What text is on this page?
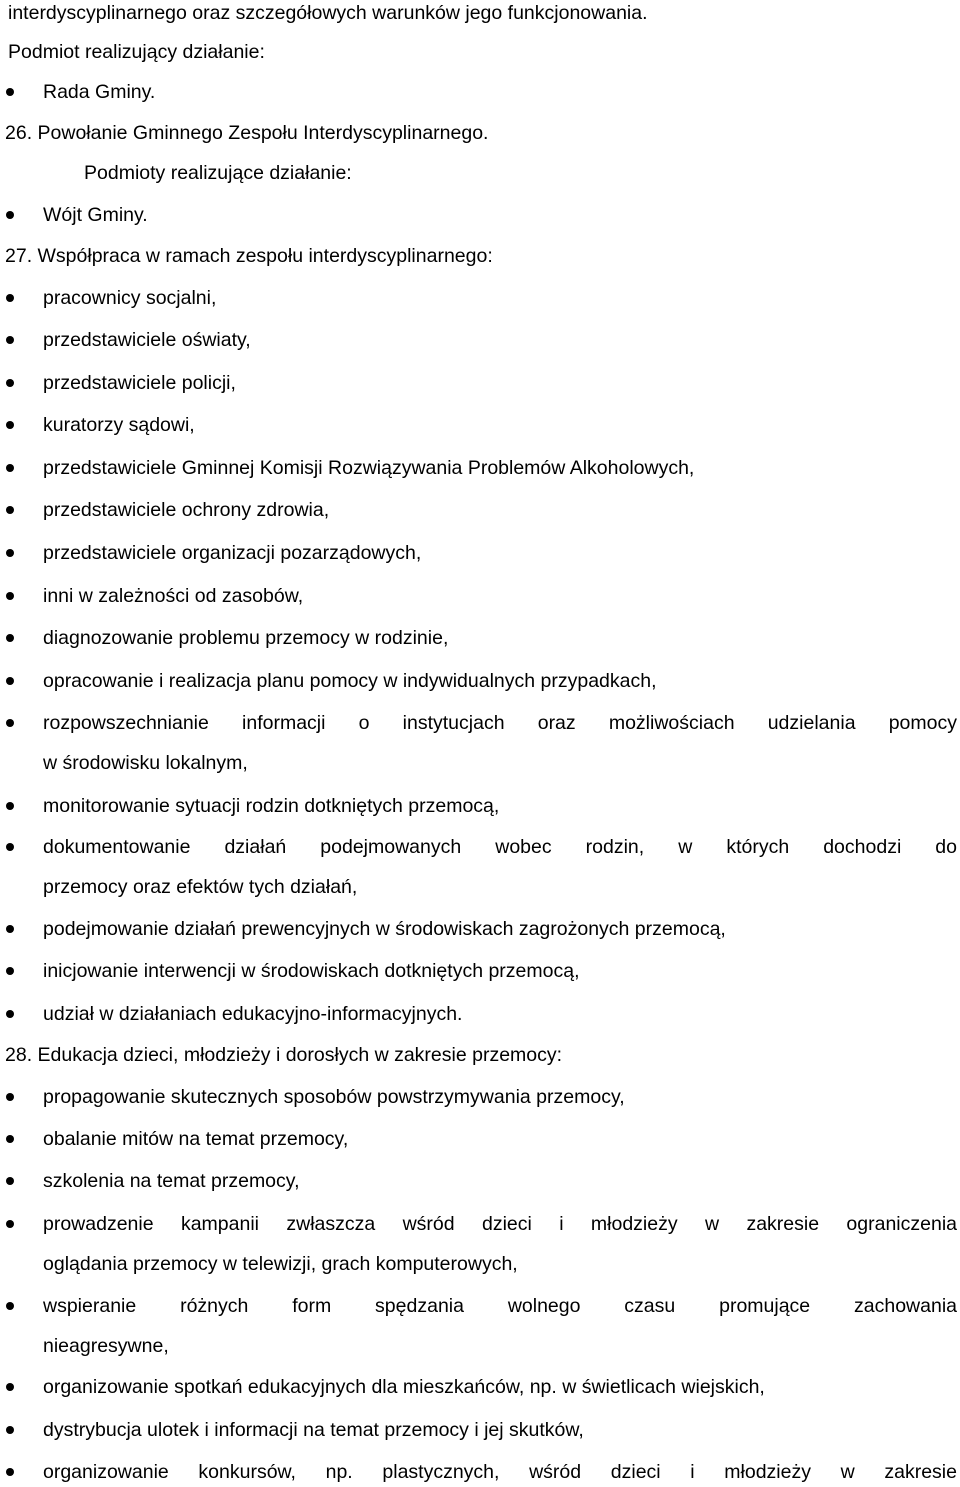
interdyscyplinarnego oraz szczegółowych warunków jego funkcjonowania.
Podmiot realizujący działanie:
Rada Gminy.
26. Powołanie Gminnego Zespołu Interdyscyplinarnego.
Podmioty realizujące działanie:
Wójt Gminy.
27. Współpraca w ramach zespołu interdyscyplinarnego:
pracownicy socjalni,
przedstawiciele oświaty,
przedstawiciele policji,
kuratorzy sądowi,
przedstawiciele Gminnej Komisji Rozwiązywania Problemów Alkoholowych,
przedstawiciele ochrony zdrowia,
przedstawiciele organizacji pozarządowych,
inni w zależności od zasobów,
diagnozowanie problemu przemocy w rodzinie,
opracowanie i realizacja planu pomocy w indywidualnych przypadkach,
rozpowszechnianie informacji o instytucjach oraz możliwościach udzielania pomocy
w środowisku lokalnym,
monitorowanie sytuacji rodzin dotkniętych przemocą,
dokumentowanie działań podejmowanych wobec rodzin, w których dochodzi do
przemocy oraz efektów tych działań,
podejmowanie działań prewencyjnych w środowiskach zagrożonych przemocą,
inicjowanie interwencji w środowiskach dotkniętych przemocą,
udział w działaniach edukacyjno-informacyjnych.
28. Edukacja dzieci, młodzieży i dorosłych w zakresie przemocy:
propagowanie skutecznych sposobów powstrzymywania przemocy,
obalanie mitów na temat przemocy,
szkolenia na temat przemocy,
prowadzenie kampanii zwłaszcza wśród dzieci i młodzieży w zakresie ograniczenia
oglądania przemocy w telewizji, grach komputerowych,
wspieranie różnych form spędzania wolnego czasu promujące zachowania
nieagresywne,
organizowanie spotkań edukacyjnych dla mieszkańców, np. w świetlicach wiejskich,
dystrybucja ulotek i informacji na temat przemocy i jej skutków,
organizowanie konkursów, np. plastycznych, wśród dzieci i młodzieży w zakresie
